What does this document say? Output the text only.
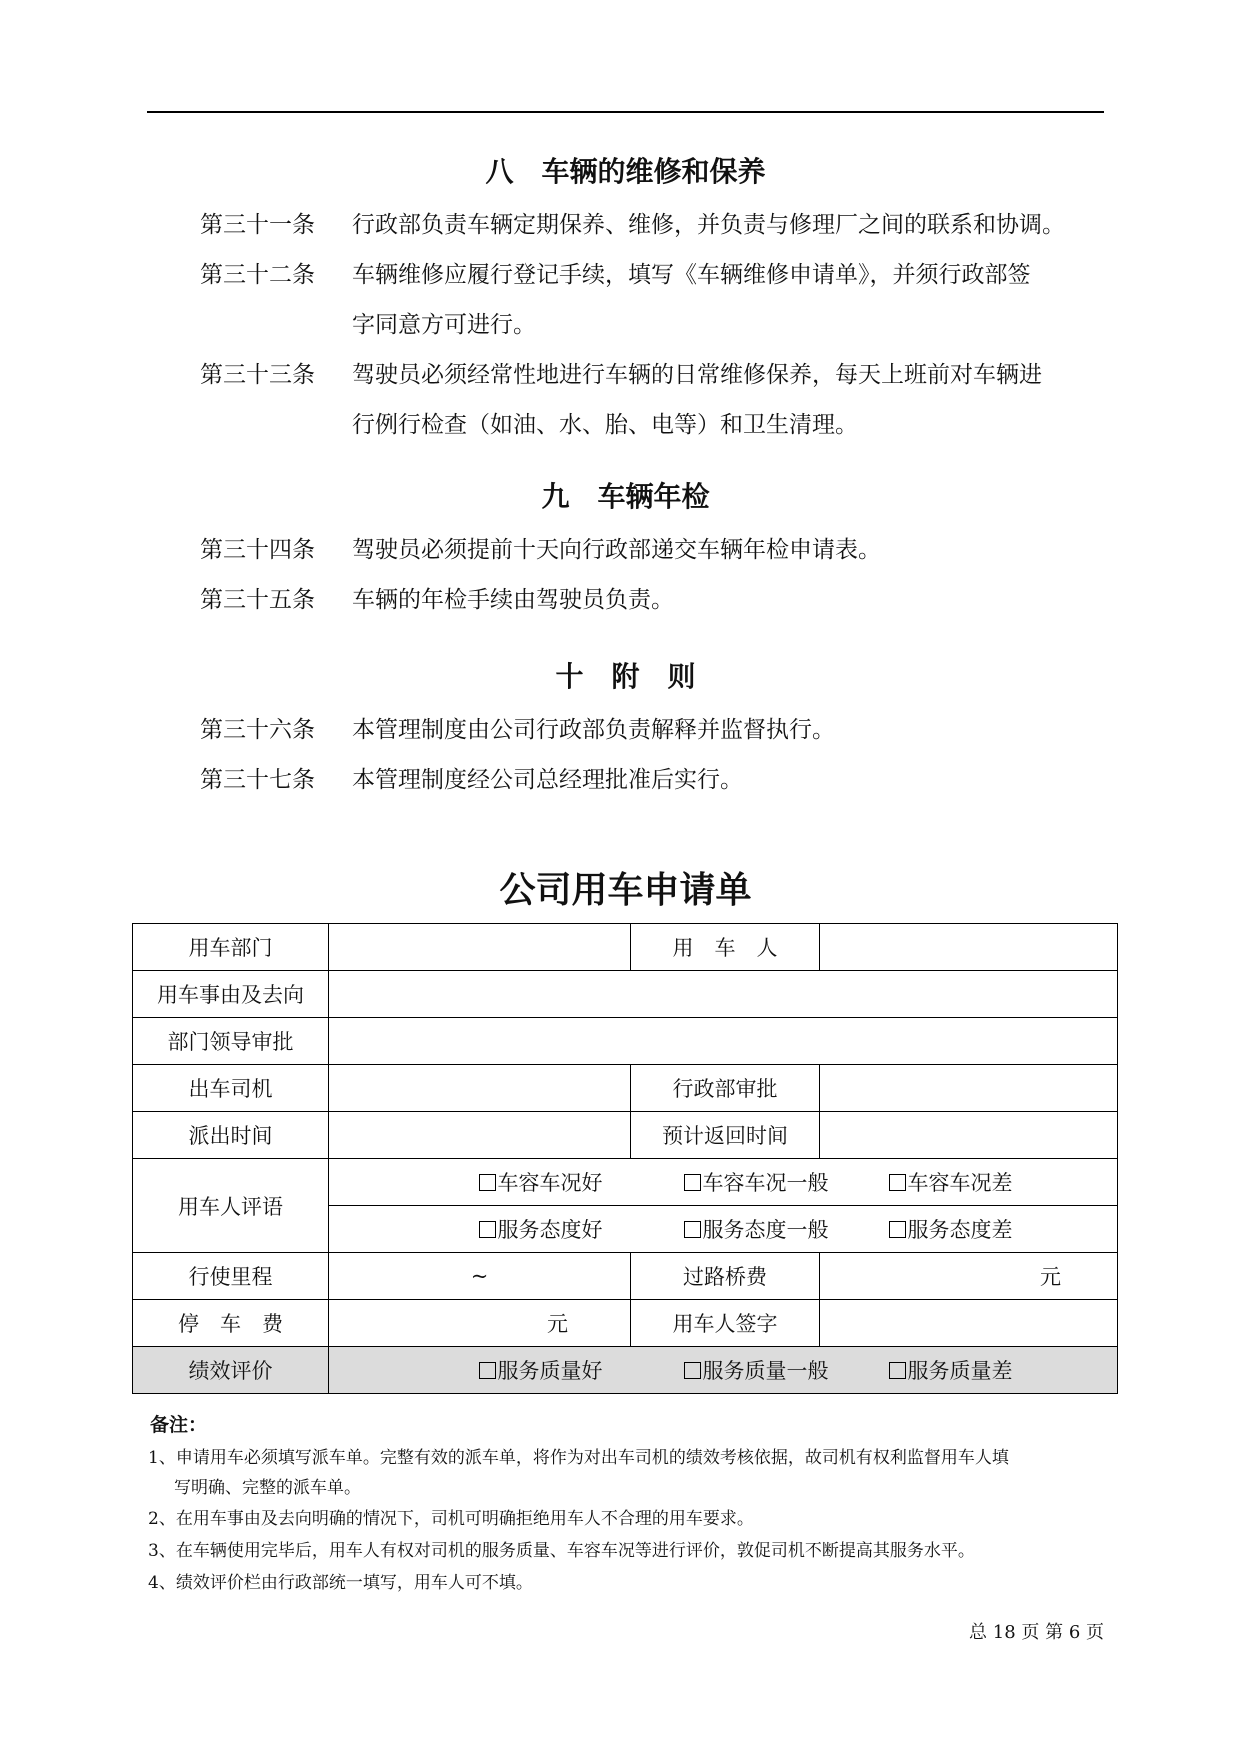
八　车辆的维修和保养
第三十一条	行政部负责车辆定期保养、维修，并负责与修理厂之间的联系和协调。
第三十二条	车辆维修应履行登记手续，填写《车辆维修申请单》，并须行政部签
字同意方可进行。
第三十三条	驾驶员必须经常性地进行车辆的日常维修保养，每天上班前对车辆进
行例行检查（如油、水、胎、电等）和卫生清理。
九　车辆年检
第三十四条	驾驶员必须提前十天向行政部递交车辆年检申请表。
第三十五条	车辆的年检手续由驾驶员负责。
十　附　则
第三十六条	本管理制度由公司行政部负责解释并监督执行。
第三十七条	本管理制度经公司总经理批准后实行。
公司用车申请单
用车部门		用　车　人	
用车事由及去向			
部门领导审批			
出车司机		行政部审批	
派出时间		预计返回时间	
用车人评语	车容车况好 车容车况一般 车容车况差		
	服务态度好 服务态度一般 服务态度差		
行使里程	~	过路桥费	元
停　车　费	元	用车人签字	
绩效评价	服务质量好 服务质量一般 服务质量差		
备注：
1、申请用车必须填写派车单。完整有效的派车单，将作为对出车司机的绩效考核依据，故司机有权利监督用车人填
写明确、完整的派车单。
2、在用车事由及去向明确的情况下，司机可明确拒绝用车人不合理的用车要求。
3、在车辆使用完毕后，用车人有权对司机的服务质量、车容车况等进行评价，敦促司机不断提高其服务水平。
4、绩效评价栏由行政部统一填写，用车人可不填。
总 18 页 第 6 页
